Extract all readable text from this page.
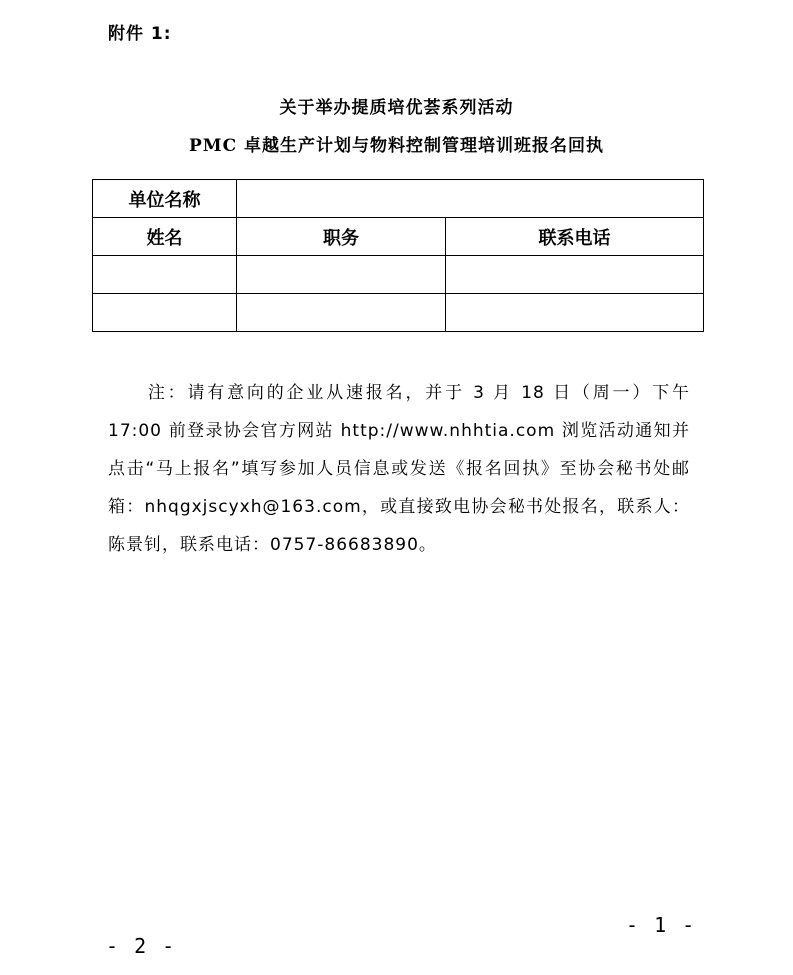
附件 1:
关于举办提质培优荟系列活动
PMC 卓越生产计划与物料控制管理培训班报名回执
单位名称		
姓名	职务	联系电话

注：请有意向的企业从速报名，并于 3 月 18 日（周一）下午 17:00 前登录协会官方网站 http://www.nhhtia.com 浏览活动通知并点击“马上报名”填写参加人员信息或发送《报名回执》至协会秘书处邮箱：nhqgxjscyxh@163.com，或直接致电协会秘书处报名，联系人：陈景钊，联系电话：0757-86683890。
- 1 -
- 2 -
